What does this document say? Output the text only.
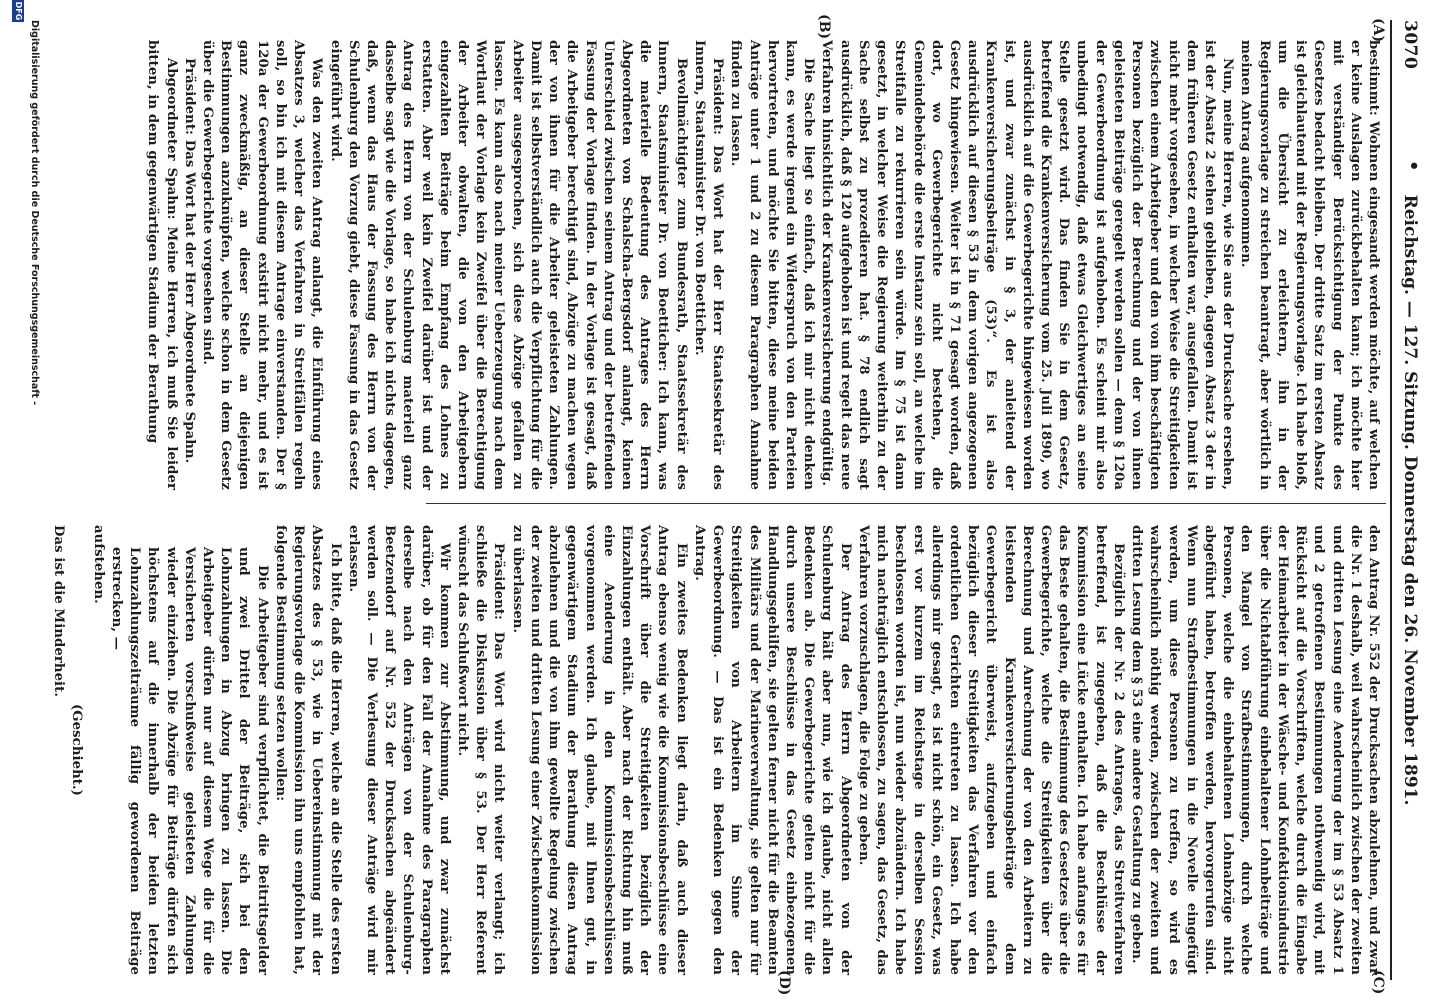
3070
•
Reichstag. — 127. Sitzung. Donnerstag den 26. November 1891.
(A)
(B)
(C)
(D)

bestimmt: Wohnen eingesandt werden möchte, auf welchen er keine Auslagen zurückbehalten kann; ich möchte hier mit verständiger Berücksichtigung der Punkte des Gesetzes bedacht bleiben. Der dritte Satz im ersten Absatz ist gleichlautend mit der Regierungsvorlage. Ich habe bloß, um die Übersicht zu erleichtern, ihn in der Regierungsvorlage zu streichen beantragt, aber wörtlich in meinen Antrag aufgenommen.

Nun, meine Herren, wie Sie aus der Drucksache ersehen, ist der Absatz 2 stehen geblieben, dagegen Absatz 3 der in dem früheren Gesetz enthalten war, ausgefallen. Damit ist nicht mehr vorgesehen, in welcher Weise die Streitigkeiten zwischen einem Arbeitgeber und den von ihm beschäftigten Personen bezüglich der Berechnung und der von ihnen geleisteten Beiträge geregelt werden sollen — denn § 120a der Gewerbeordnung ist aufgehoben. Es scheint mir also unbedingt notwendig, daß etwas Gleichwertiges an seine Stelle gesetzt wird. Das finden Sie in dem Gesetz, betreffend die Krankenversicherung vom 25. Juli 1890, wo ausdrücklich auf die Gewerbegerichte hingewiesen worden ist, und zwar zunächst in § 3, der anleitend der Krankenversicherungsbeiträge (53)“. Es ist also ausdrücklich auf diesen § 53 in dem vorigen angezogenen Gesetz hingewiesen. Weiter ist in § 71 gesagt worden, daß dort, wo Gewerbegerichte nicht bestehen, die Gemeindebehörde die erste Instanz sein soll, an welche im Streitfalle zu rekurrieren sein würde. Im § 75 ist dann gesetzt, in welcher Weise die Regierung weiterhin zu der Sache selbst zu prozedieren hat. § 78 endlich sagt ausdrücklich, daß § 120 aufgehoben ist und regelt das neue Verfahren hinsichtlich der Krankenversicherung endgültig.

Die Sache liegt so einfach, daß ich mir nicht denken kann, es werde irgend ein Widerspruch von den Parteien hervortreten, und möchte Sie bitten, diese meine beiden Anträge unter 1 und 2 zu diesem Paragraphen Annahme finden zu lassen.

Präsident: Das Wort hat der Herr Staatssekretär des Innern, Staatsminister Dr. von Boetticher.

Bevollmächtigter zum Bundesrath, Staatssekretär des Innern, Staatsminister Dr. von Boetticher: Ich kann, was die materielle Bedeutung des Antrages des Herrn Abgeordneten von Schalscha-Bergsdorf anlangt, keinen Unterschied zwischen seinem Antrag und der betreffenden Fassung der Vorlage finden. In der Vorlage ist gesagt, daß die Arbeitgeber berechtigt sind, Abzüge zu machen wegen der von ihnen für die Arbeiter geleisteten Zahlungen. Damit ist selbstverständlich auch die Verpflichtung für die Arbeiter ausgesprochen, sich diese Abzüge gefallen zu lassen. Es kann also nach meiner Ueberzeugung nach dem Wortlaut der Vorlage kein Zweifel über die Berechtigung der Arbeiter obwalten, die von den Arbeitgebern eingezahlten Beiträge beim Empfang des Lohnes zu erstatten. Aber weil kein Zweifel darüber ist und der Antrag des Herrn von der Schulenburg materiell ganz dasselbe sagt wie die Vorlage, so habe ich nichts dagegen, daß, wenn das Haus der Fassung des Herrn von der Schulenburg den Vorzug giebt, diese Fassung in das Gesetz eingeführt wird.

Was den zweiten Antrag anlangt, die Einführung eines Absatzes 3, welcher das Verfahren in Streitfällen regeln soll, so bin ich mit diesem Antrage einverstanden. Der § 120a der Gewerbeordnung existirt nicht mehr, und es ist ganz zweckmäßig, an dieser Stelle an diejenigen Bestimmungen anzuknüpfen, welche schon in dem Gesetz über die Gewerbegerichte vorgesehen sind.

Präsident: Das Wort hat der Herr Abgeordnete Spahn.

Abgeordneter Spahn: Meine Herren, ich muß Sie leider bitten, in dem gegenwärtigen Stadium der Berathung

den Antrag Nr. 552 der Drucksachen abzulehnen, und zwar die Nr. 1 deshalb, weil wahrscheinlich zwischen der zweiten und dritten Lesung eine Aenderung der im § 53 Absatz 1 und 2 getroffenen Bestimmungen nothwendig wird, mit Rücksicht auf die Vorschriften, welche durch die Eingabe der Heimarbeiter in der Wäsche- und Konfektionsindustrie über die Nichtabführung einbehaltener Lohnbeiträge und den Mangel von Strafbestimmungen, durch welche Personen, welche die einbehaltenen Lohnabzüge nicht abgeführt haben, betroffen werden, hervorgerufen sind. Wenn nun Strafbestimmungen in die Novelle eingefügt werden, um diese Personen zu treffen, so wird es wahrscheinlich nöthig werden, zwischen der zweiten und dritten Lesung dem § 53 eine andere Gestaltung zu geben.

Bezüglich der Nr. 2 des Antrages, das Streitverfahren betreffend, ist zugegeben, daß die Beschlüsse der Kommission eine Lücke enthalten. Ich habe anfangs es für das Beste gehalten, die Bestimmung des Gesetzes über die Gewerbegerichte, welche die Streitigkeiten über die Berechnung und Anrechnung der von den Arbeitern zu leistenden Krankenversicherungsbeiträge dem Gewerbegericht überweist, aufzugeben und einfach bezüglich dieser Streitigkeiten das Verfahren vor den ordentlichen Gerichten eintreten zu lassen. Ich habe allerdings mir gesagt, es ist nicht schön, ein Gesetz, was erst vor kurzem im Reichstage in derselben Session beschlossen worden ist, nun wieder abzuändern. Ich habe mich nachträglich entschlossen, zu sagen, das Gesetz, das Verfahren vorzuschlagen, die Folge zu geben.

Der Antrag des Herrn Abgeordneten von der Schulenburg hält aber nun, wie ich glaube, nicht allen Bedenken ab. Die Gewerbegerichte gelten nicht für die durch unsere Beschlüsse in das Gesetz einbezogenen Handlungsgehilfen, sie gelten ferner nicht für die Beamten des Militärs und der Marineverwaltung, sie gelten nur für Streitigkeiten von Arbeitern im Sinne der Gewerbeordnung. — Das ist ein Bedenken gegen den Antrag.

Ein zweites Bedenken liegt darin, daß auch dieser Antrag ebenso wenig wie die Kommissionsbeschlüsse eine Vorschrift über die Streitigkeiten bezüglich der Einzahlungen enthält. Aber nach der Richtung hin muß eine Aenderung in den Kommissionsbeschlüssen vorgenommen werden. Ich glaube, mit Ihnen gut, in gegenwärtigem Stadium der Berathung diesen Antrag abzulehnen und die von ihm gewollte Regelung zwischen der zweiten und dritten Lesung einer Zwischenkommission zu überlassen.

Präsident: Das Wort wird nicht weiter verlangt; ich schließe die Diskussion über § 53. Der Herr Referent wünscht das Schlußwort nicht.

Wir kommen zur Abstimmung, und zwar zunächst darüber, ob für den Fall der Annahme des Paragraphen derselbe nach den Anträgen von der Schulenburg-Beetzendorf auf Nr. 552 der Drucksachen abgeändert werden soll. — Die Verlesung dieser Anträge wird mir erlassen.

Ich bitte, daß die Herren, welche an die Stelle des ersten Absatzes des § 53, wie in Uebereinstimmung mit der Regierungsvorlage die Kommission ihn uns empfohlen hat, folgende Bestimmung setzen wollen:

Die Arbeitgeber sind verpflichtet, die Beitrittsgelder und zwei Drittel der Beiträge, sich bei den Lohnzahlungen in Abzug bringen zu lassen. Die Arbeitgeber dürfen nur auf diesem Wege die für die Versicherten vorschußweise geleisteten Zahlungen wieder einziehen. Die Abzüge für Beiträge dürfen sich höchstens auf die innerhalb der beiden letzten Lohnzahlungszeiträume fällig gewordenen Beiträge erstrecken, —

aufstehen.

(Geschieht.)

Das ist die Minderheit.

Digitalisierung gefördert durch die Deutsche Forschungsgemeinschaft -
DFG
